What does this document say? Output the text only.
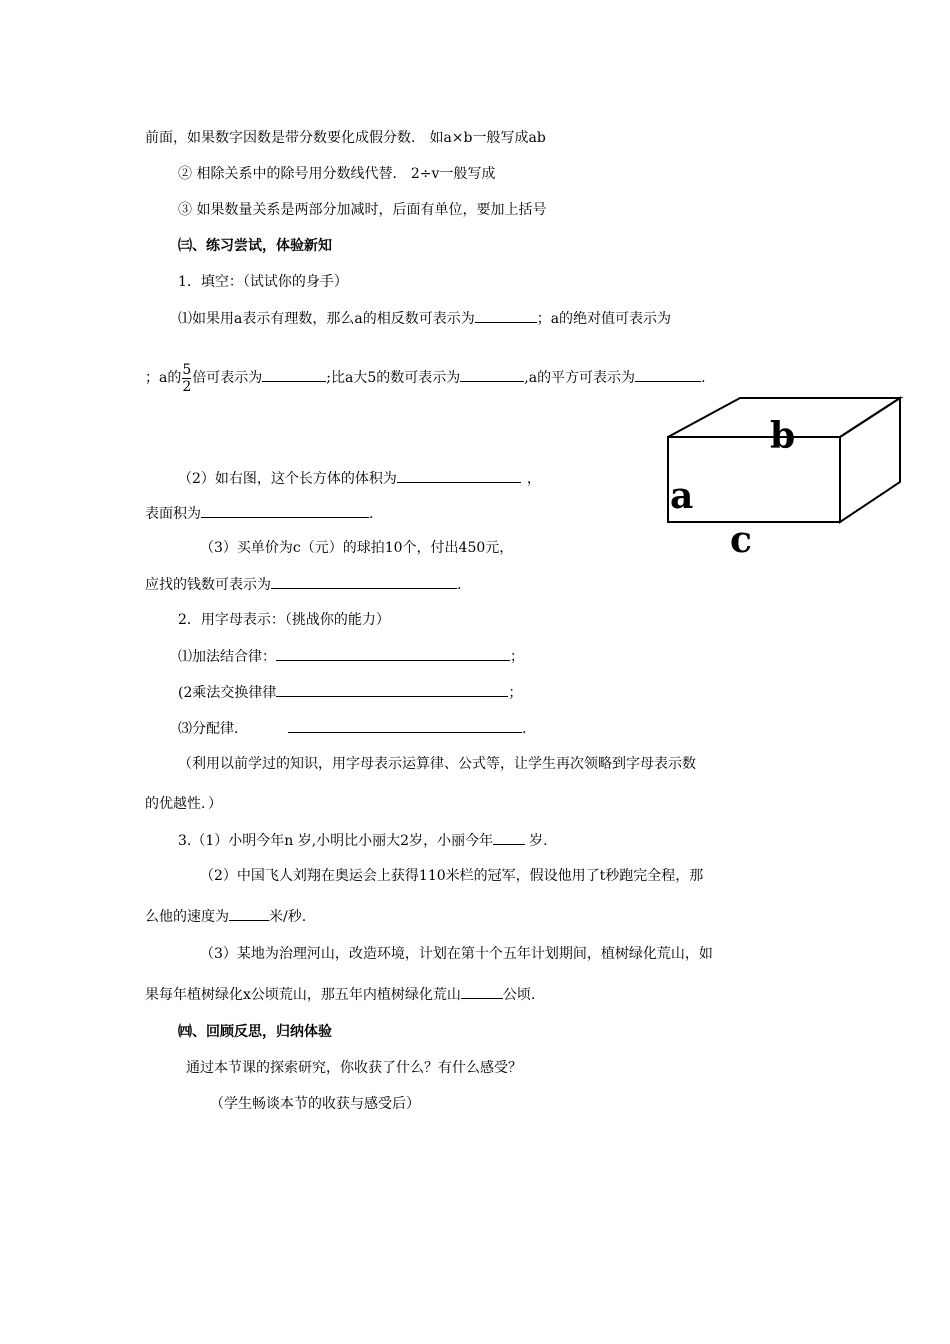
前面，如果数字因数是带分数要化成假分数． 如a×b一般写成ab
② 相除关系中的除号用分数线代替． 2÷v一般写成
③ 如果数量关系是两部分加减时，后面有单位，要加上括号
㈢、练习尝试，体验新知
1．填空：（试试你的身手）
⑴如果用a表示有理数，那么a的相反数可表示为	；a的绝对值可表示为
；a的 $\frac{5}{2}$ 倍可表示为	;比a大5的数可表示为	,a的平方可表示为	.
（2）如右图，这个长方体的体积为	，
表面积为	.
（3）买单价为c（元）的球拍10个，付出450元，
应找的钱数可表示为	.
2．用字母表示：（挑战你的能力）
⑴加法结合律：	；
(2乘法交换律律	；
⑶分配律．	.
（利用以前学过的知识，用字母表示运算律、公式等，让学生再次领略到字母表示数
的优越性．）
3.（1）小明今年n 岁,小明比小丽大2岁，小丽今年	岁.
（2）中国飞人刘翔在奥运会上获得110米栏的冠军，假设他用了t秒跑完全程，那
么他的速度为	米/秒.
（3）某地为治理河山，改造环境，计划在第十个五年计划期间，植树绿化荒山，如
果每年植树绿化x公顷荒山，那五年内植树绿化荒山	公顷.
㈣、回顾反思，归纳体验
通过本节课的探索研究，你收获了什么？有什么感受？
（学生畅谈本节的收获与感受后）
b
a
c
